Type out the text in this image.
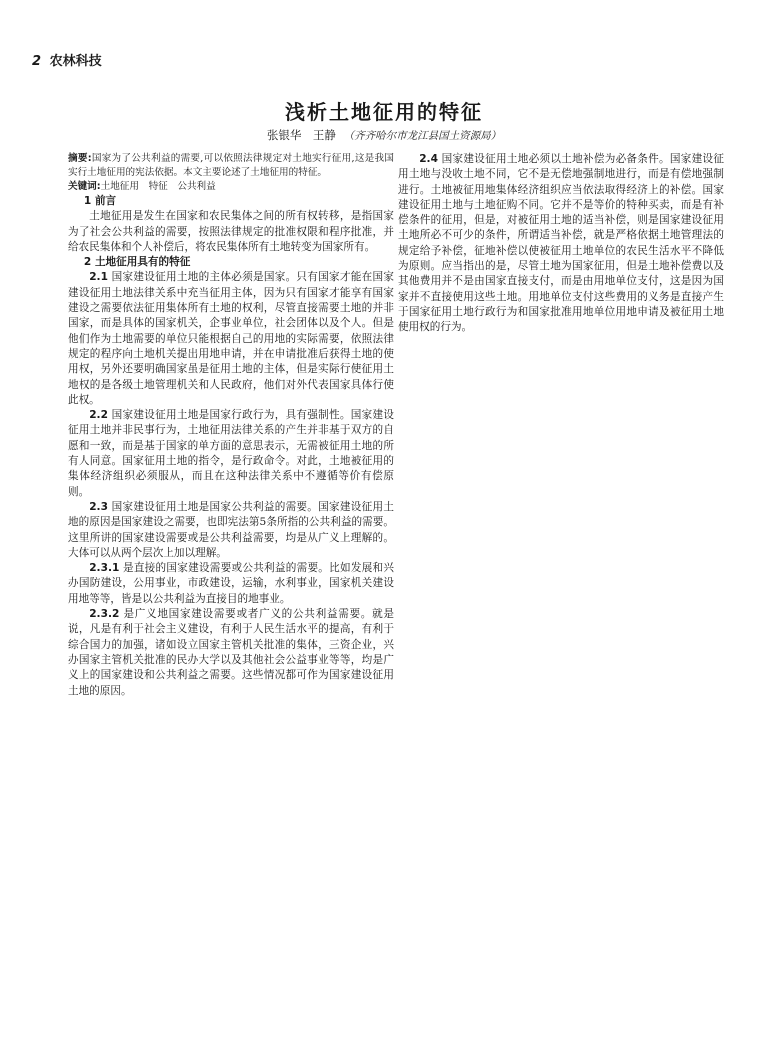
2 农林科技
浅析土地征用的特征
张银华　王静 （齐齐哈尔市龙江县国土资源局）

摘要:国家为了公共利益的需要,可以依照法律规定对土地实行征用,这是我国实行土地征用的宪法依据。本文主要论述了土地征用的特征。

关键词:土地征用　特征　公共利益

1 前言

土地征用是发生在国家和农民集体之间的所有权转移，是指国家为了社会公共利益的需要，按照法律规定的批准权限和程序批准，并给农民集体和个人补偿后，将农民集体所有土地转变为国家所有。

2 土地征用具有的特征

2.1 国家建设征用土地的主体必须是国家。只有国家才能在国家建设征用土地法律关系中充当征用主体，因为只有国家才能享有国家建设之需要依法征用集体所有土地的权利，尽管直接需要土地的并非国家，而是具体的国家机关，企事业单位，社会团体以及个人。但是他们作为土地需要的单位只能根据自己的用地的实际需要，依照法律规定的程序向土地机关提出用地申请，并在申请批准后获得土地的使用权，另外还要明确国家虽是征用土地的主体，但是实际行使征用土地权的是各级土地管理机关和人民政府，他们对外代表国家具体行使此权。

2.2 国家建设征用土地是国家行政行为，具有强制性。国家建设征用土地并非民事行为，土地征用法律关系的产生并非基于双方的自愿和一致，而是基于国家的单方面的意思表示，无需被征用土地的所有人同意。国家征用土地的指令，是行政命令。对此，土地被征用的集体经济组织必须服从，而且在这种法律关系中不遵循等价有偿原则。

2.3 国家建设征用土地是国家公共利益的需要。国家建设征用土地的原因是国家建设之需要，也即宪法第5条所指的公共利益的需要。这里所讲的国家建设需要或是公共利益需要，均是从广义上理解的。大体可以从两个层次上加以理解。

2.3.1 是直接的国家建设需要或公共利益的需要。比如发展和兴办国防建设，公用事业，市政建设，运输，水利事业，国家机关建设用地等等，皆是以公共利益为直接目的地事业。

2.3.2 是广义地国家建设需要或者广义的公共利益需要。就是说，凡是有利于社会主义建设，有利于人民生活水平的提高，有利于综合国力的加强，诸如设立国家主管机关批准的集体，三资企业，兴办国家主管机关批准的民办大学以及其他社会公益事业等等，均是广义上的国家建设和公共利益之需要。这些情况都可作为国家建设征用土地的原因。

2.4 国家建设征用土地必须以土地补偿为必备条件。国家建设征用土地与没收土地不同，它不是无偿地强制地进行，而是有偿地强制进行。土地被征用地集体经济组织应当依法取得经济上的补偿。国家建设征用土地与土地征购不同。它并不是等价的特种买卖，而是有补偿条件的征用，但是，对被征用土地的适当补偿，则是国家建设征用土地所必不可少的条件，所谓适当补偿，就是严格依据土地管理法的规定给予补偿，征地补偿以使被征用土地单位的农民生活水平不降低为原则。应当指出的是，尽管土地为国家征用，但是土地补偿费以及其他费用并不是由国家直接支付，而是由用地单位支付，这是因为国家并不直接使用这些土地。用地单位支付这些费用的义务是直接产生于国家征用土地行政行为和国家批准用地单位用地申请及被征用土地使用权的行为。
